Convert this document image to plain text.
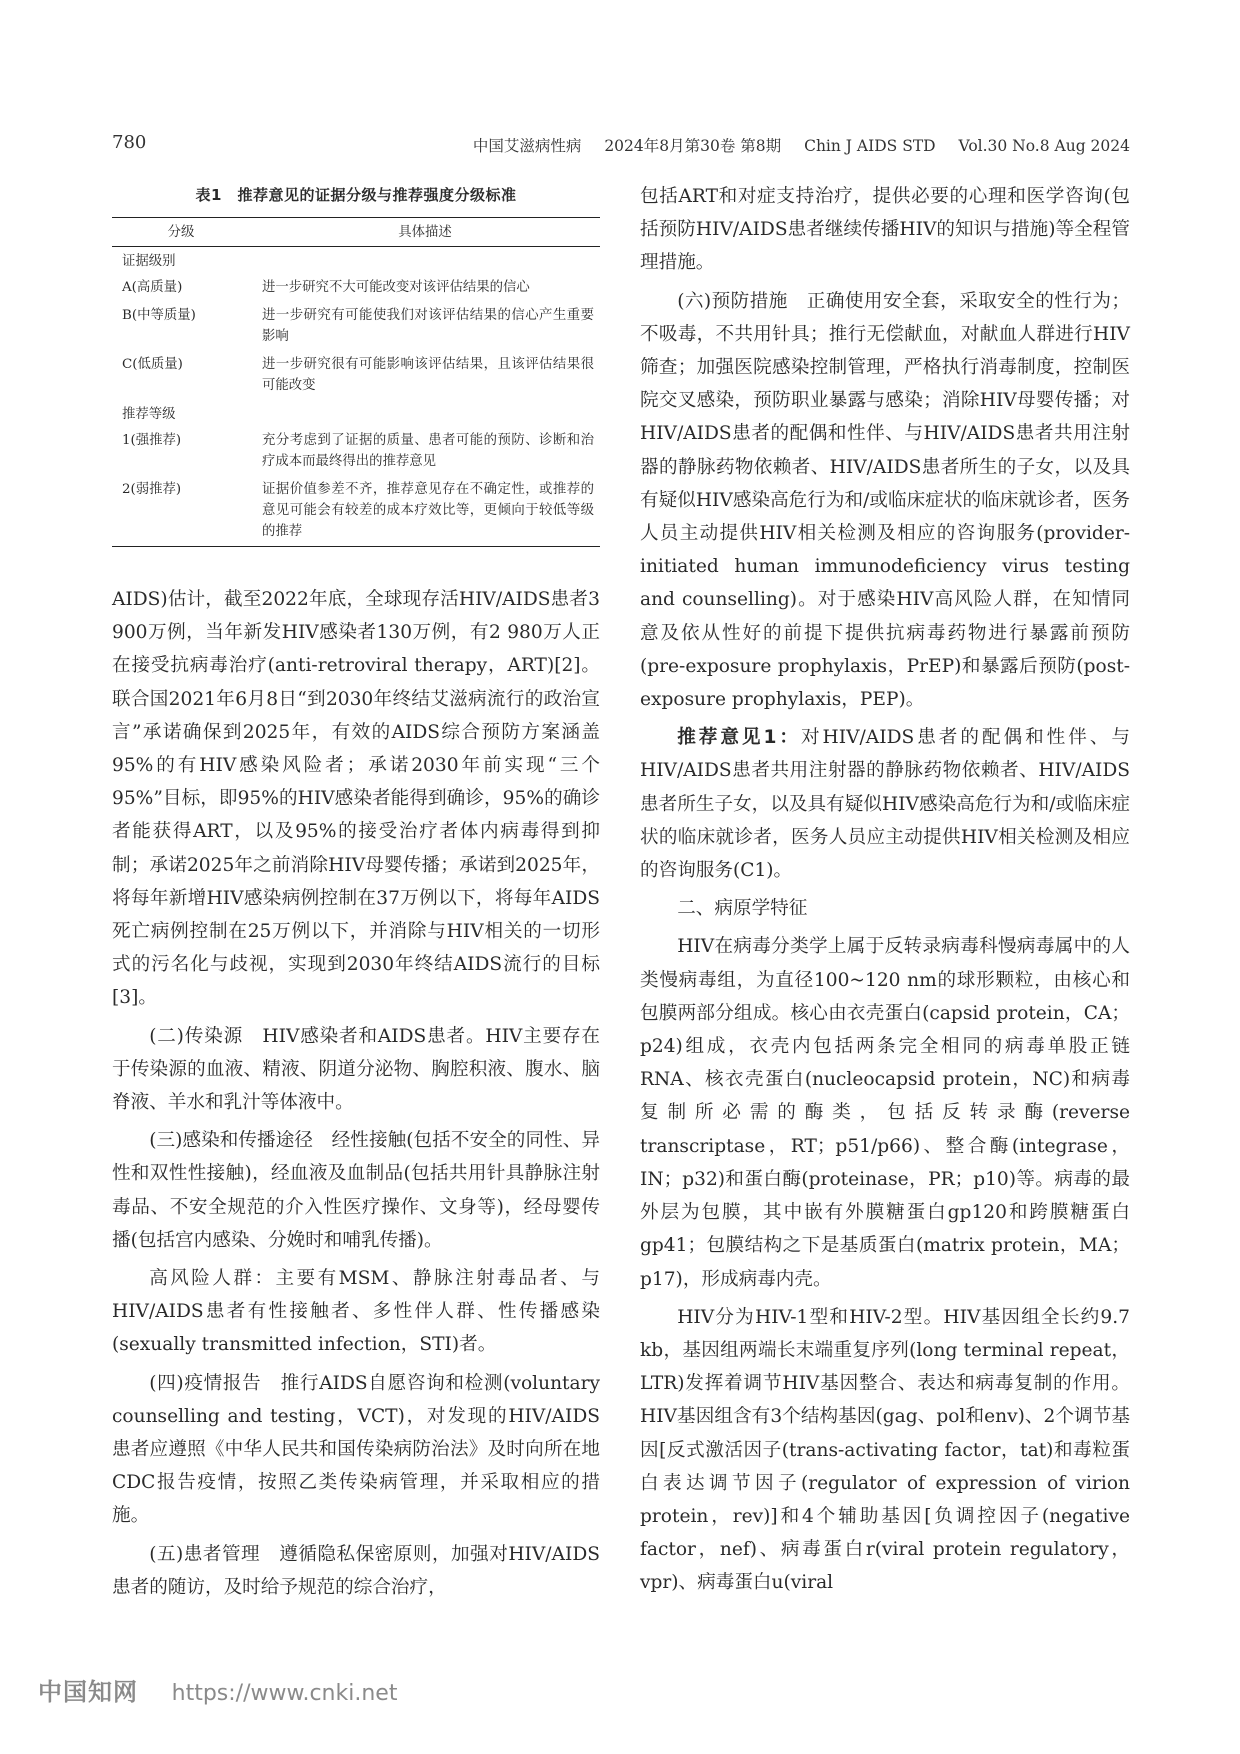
780	中国艾滋病性病 2024年8月第30卷 第8期 Chin J AIDS STD Vol.30 No.8 Aug 2024
表1　推荐意见的证据分级与推荐强度分级标准
分级	具体描述
证据级别	
A(高质量)	进一步研究不大可能改变对该评估结果的信心
B(中等质量)	进一步研究有可能使我们对该评估结果的信心产生重要影响
C(低质量)	进一步研究很有可能影响该评估结果，且该评估结果很可能改变
推荐等级	
1(强推荐)	充分考虑到了证据的质量、患者可能的预防、诊断和治疗成本而最终得出的推荐意见
2(弱推荐)	证据价值参差不齐，推荐意见存在不确定性，或推荐的意见可能会有较差的成本疗效比等，更倾向于较低等级的推荐

AIDS)估计，截至2022年底，全球现存活HIV/AIDS患者3 900万例，当年新发HIV感染者130万例，有2 980万人正在接受抗病毒治疗(anti-retroviral therapy，ART)[2]。联合国2021年6月8日“到2030年终结艾滋病流行的政治宣言”承诺确保到2025年，有效的AIDS综合预防方案涵盖95%的有HIV感染风险者；承诺2030年前实现“三个95%”目标，即95%的HIV感染者能得到确诊，95%的确诊者能获得ART，以及95%的接受治疗者体内病毒得到抑制；承诺2025年之前消除HIV母婴传播；承诺到2025年，将每年新增HIV感染病例控制在37万例以下，将每年AIDS死亡病例控制在25万例以下，并消除与HIV相关的一切形式的污名化与歧视，实现到2030年终结AIDS流行的目标[3]。

(二)传染源　HIV感染者和AIDS患者。HIV主要存在于传染源的血液、精液、阴道分泌物、胸腔积液、腹水、脑脊液、羊水和乳汁等体液中。

(三)感染和传播途径　经性接触(包括不安全的同性、异性和双性性接触)，经血液及血制品(包括共用针具静脉注射毒品、不安全规范的介入性医疗操作、文身等)，经母婴传播(包括宫内感染、分娩时和哺乳传播)。

高风险人群：主要有MSM、静脉注射毒品者、与HIV/AIDS患者有性接触者、多性伴人群、性传播感染(sexually transmitted infection，STI)者。

(四)疫情报告　推行AIDS自愿咨询和检测(voluntary counselling and testing，VCT)，对发现的HIV/AIDS患者应遵照《中华人民共和国传染病防治法》及时向所在地CDC报告疫情，按照乙类传染病管理，并采取相应的措施。

(五)患者管理　遵循隐私保密原则，加强对HIV/AIDS患者的随访，及时给予规范的综合治疗，

包括ART和对症支持治疗，提供必要的心理和医学咨询(包括预防HIV/AIDS患者继续传播HIV的知识与措施)等全程管理措施。

(六)预防措施　正确使用安全套，采取安全的性行为；不吸毒，不共用针具；推行无偿献血，对献血人群进行HIV筛查；加强医院感染控制管理，严格执行消毒制度，控制医院交叉感染，预防职业暴露与感染；消除HIV母婴传播；对HIV/AIDS患者的配偶和性伴、与HIV/AIDS患者共用注射器的静脉药物依赖者、HIV/AIDS患者所生的子女，以及具有疑似HIV感染高危行为和/或临床症状的临床就诊者，医务人员主动提供HIV相关检测及相应的咨询服务(provider-initiated human immunodeficiency virus testing and counselling)。对于感染HIV高风险人群，在知情同意及依从性好的前提下提供抗病毒药物进行暴露前预防(pre-exposure prophylaxis，PrEP)和暴露后预防(post-exposure prophylaxis，PEP)。

推荐意见1：对HIV/AIDS患者的配偶和性伴、与HIV/AIDS患者共用注射器的静脉药物依赖者、HIV/AIDS患者所生子女，以及具有疑似HIV感染高危行为和/或临床症状的临床就诊者，医务人员应主动提供HIV相关检测及相应的咨询服务(C1)。

二、病原学特征

HIV在病毒分类学上属于反转录病毒科慢病毒属中的人类慢病毒组，为直径100~120 nm的球形颗粒，由核心和包膜两部分组成。核心由衣壳蛋白(capsid protein，CA；p24)组成，衣壳内包括两条完全相同的病毒单股正链RNA、核衣壳蛋白(nucleocapsid protein，NC)和病毒复制所必需的酶类，包括反转录酶(reverse transcriptase，RT；p51/p66)、整合酶(integrase，IN；p32)和蛋白酶(proteinase，PR；p10)等。病毒的最外层为包膜，其中嵌有外膜糖蛋白gp120和跨膜糖蛋白gp41；包膜结构之下是基质蛋白(matrix protein，MA；p17)，形成病毒内壳。

HIV分为HIV-1型和HIV-2型。HIV基因组全长约9.7 kb，基因组两端长末端重复序列(long terminal repeat，LTR)发挥着调节HIV基因整合、表达和病毒复制的作用。HIV基因组含有3个结构基因(gag、pol和env)、2个调节基因[反式激活因子(trans-activating factor，tat)和毒粒蛋白表达调节因子(regulator of expression of virion protein，rev)]和4个辅助基因[负调控因子(negative factor，nef)、病毒蛋白r(viral protein regulatory，vpr)、病毒蛋白u(viral

中国知网 https://www.cnki.net
